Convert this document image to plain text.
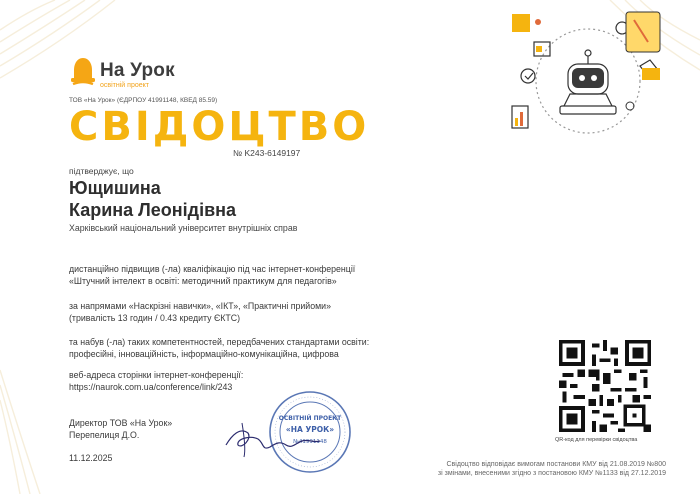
На Урок
освітній проект
ТОВ «На Урок» (ЄДРПОУ 41991148, КВЕД 85.59)
СВІДОЦТВО
№ K243-6149197
підтверджує, що
Ющишина
Карина Леонідівна
Харківський національний університет внутрішніх справ
дистанційно підвищив (-ла) кваліфікацію під час інтернет-конференції
«Штучний інтелект в освіті: методичний практикум для педагогів»
за напрямами «Наскрізні навички», «ІКТ», «Практичні прийоми»
(тривалість 13 годин / 0.43 кредиту ЄКТС)
та набув (-ла) таких компетентностей, передбачених стандартами освіти:
професійні, інноваційність, інформаційно-комунікаційна, цифрова
веб-адреса сторінки інтернет-конференції:
https://naurok.com.ua/conference/link/243
Директор ТОВ «На Урок»
Перепелиця Д.О.
11.12.2025
ОСВІТНІЙ ПРОЕКТ
«НА УРОК»
№41991148	QR-код для перевірки свідоцтва
Свідоцтво відповідає вимогам постанови КМУ від 21.08.2019 №800
зі змінами, внесеними згідно з постановою КМУ №1133 від 27.12.2019
